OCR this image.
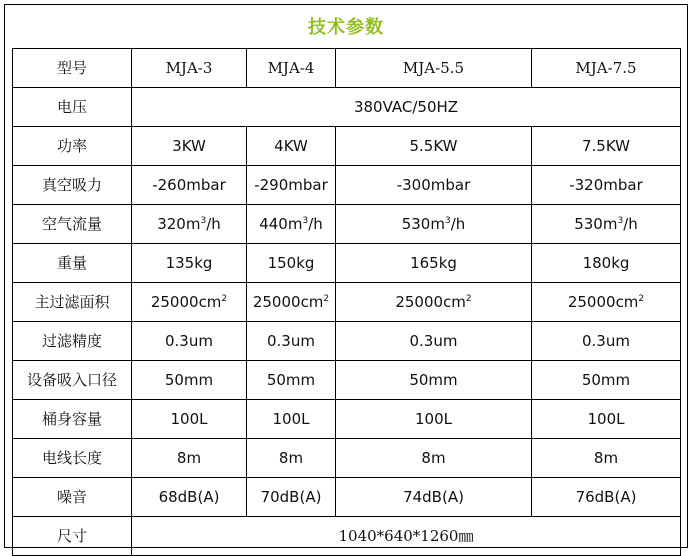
技术参数
型号	MJA-3	MJA-4	MJA-5.5	MJA-7.5
电压	380VAC/50HZ			
功率	3KW	4KW	5.5KW	7.5KW
真空吸力	-260mbar	-290mbar	-300mbar	-320mbar
空气流量	$320m^3/h$	$440m^3/h$	$530m^3/h$	$530m^3/h$
重量	135kg	150kg	165kg	180kg
主过滤面积	$25000cm^2$	$25000cm^2$	$25000cm^2$	$25000cm^2$
过滤精度	0.3um	0.3um	0.3um	0.3um
设备吸入口径	50mm	50mm	50mm	50mm
桶身容量	100L	100L	100L	100L
电线长度	8m	8m	8m	8m
噪音	68dB(A)	70dB(A)	74dB(A)	76dB(A)
尺寸	1040*640*1260㎜			
